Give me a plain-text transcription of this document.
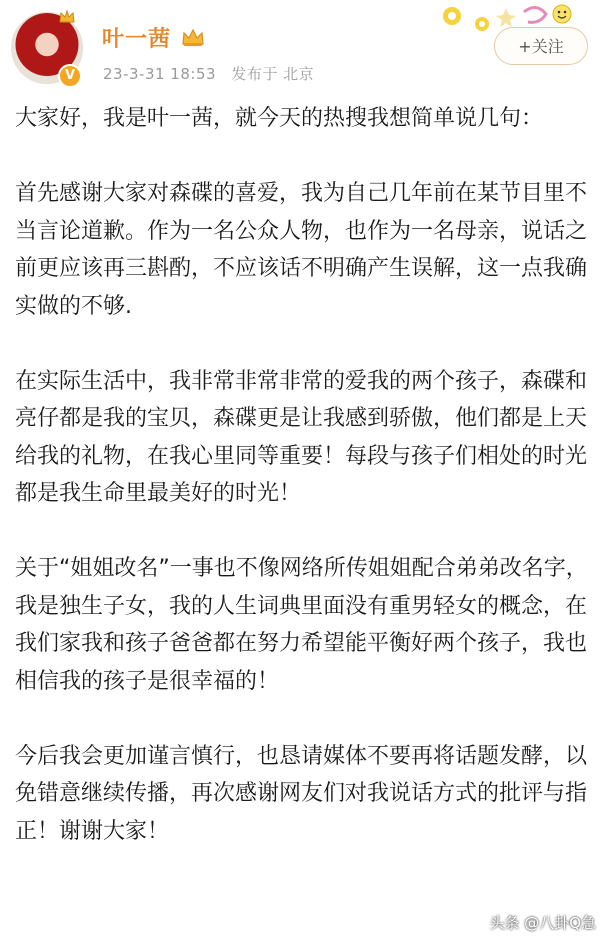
V
叶一茜
23-3-31 18:53 发布于 北京
+关注

大家好，我是叶一茜，就今天的热搜我想简单说几句：

首先感谢大家对森碟的喜爱，我为自己几年前在某节目里不当言论道歉。作为一名公众人物，也作为一名母亲，说话之前更应该再三斟酌，不应该话不明确产生误解，这一点我确实做的不够.

在实际生活中，我非常非常非常的爱我的两个孩子，森碟和亮仔都是我的宝贝，森碟更是让我感到骄傲，他们都是上天给我的礼物，在我心里同等重要！每段与孩子们相处的时光都是我生命里最美好的时光！

关于“姐姐改名”一事也不像网络所传姐姐配合弟弟改名字，我是独生子女，我的人生词典里面没有重男轻女的概念，在我们家我和孩子爸爸都在努力希望能平衡好两个孩子，我也相信我的孩子是很幸福的！

今后我会更加谨言慎行，也恳请媒体不要再将话题发酵，以免错意继续传播，再次感谢网友们对我说话方式的批评与指正！谢谢大家！

头条 @八卦Q急
